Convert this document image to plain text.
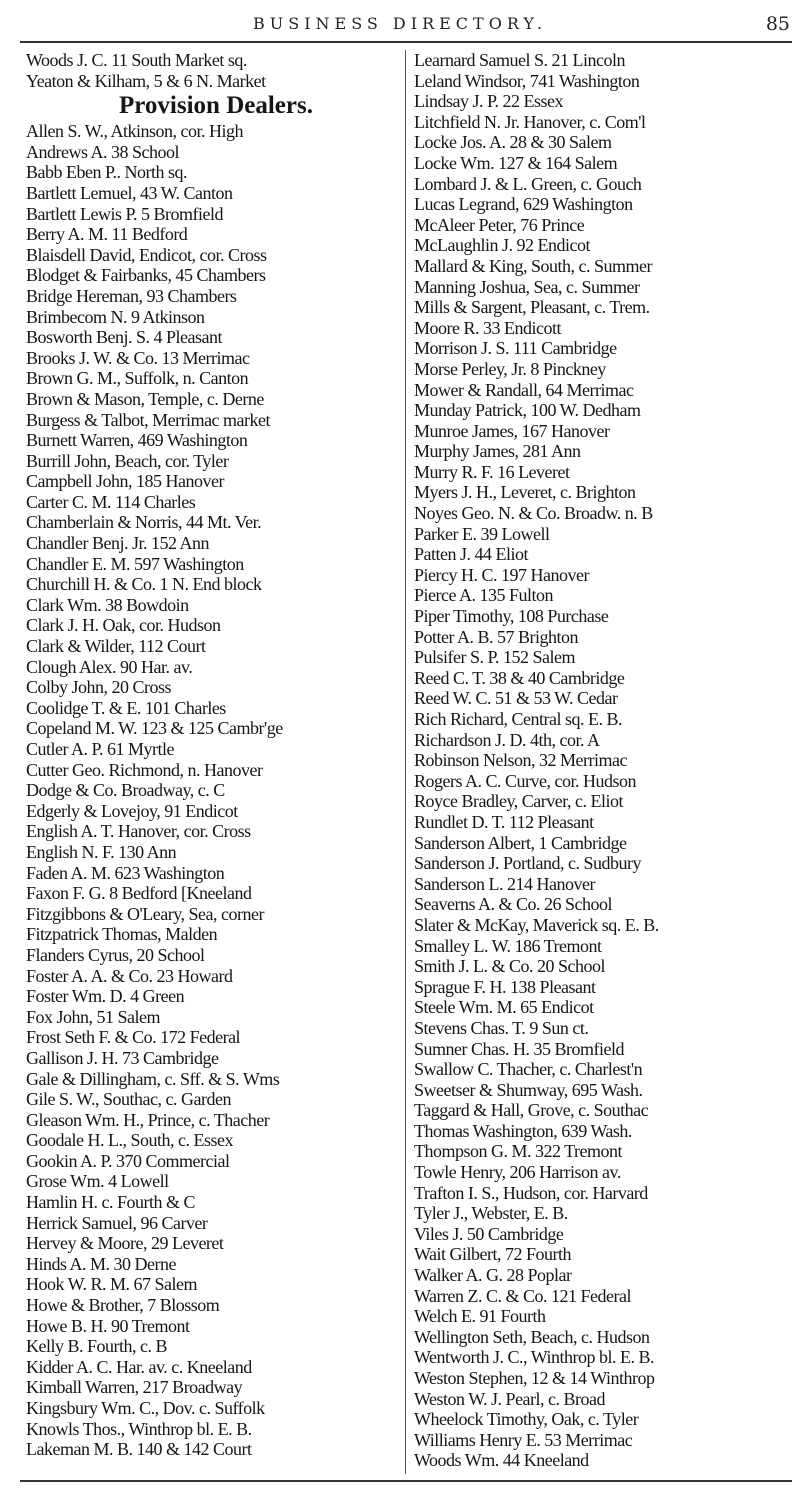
BUSINESS DIRECTORY.	85
Woods J. C. 11 South Market sq.
Yeaton & Kilham, 5 & 6 N. Market
Provision Dealers.
Allen S. W., Atkinson, cor. High
Andrews A. 38 School
Babb Eben P.. North sq.
Bartlett Lemuel, 43 W. Canton
Bartlett Lewis P. 5 Bromfield
Berry A. M. 11 Bedford
Blaisdell David, Endicot, cor. Cross
Blodget & Fairbanks, 45 Chambers
Bridge Hereman, 93 Chambers
Brimbecom N. 9 Atkinson
Bosworth Benj. S. 4 Pleasant
Brooks J. W. & Co. 13 Merrimac
Brown G. M., Suffolk, n. Canton
Brown & Mason, Temple, c. Derne
Burgess & Talbot, Merrimac market
Burnett Warren, 469 Washington
Burrill John, Beach, cor. Tyler
Campbell John, 185 Hanover
Carter C. M. 114 Charles
Chamberlain & Norris, 44 Mt. Ver.
Chandler Benj. Jr. 152 Ann
Chandler E. M. 597 Washington
Churchill H. & Co. 1 N. End block
Clark Wm. 38 Bowdoin
Clark J. H. Oak, cor. Hudson
Clark & Wilder, 112 Court
Clough Alex. 90 Har. av.
Colby John, 20 Cross
Coolidge T. & E. 101 Charles
Copeland M. W. 123 & 125 Cambr'ge
Cutler A. P. 61 Myrtle
Cutter Geo. Richmond, n. Hanover
Dodge & Co. Broadway, c. C
Edgerly & Lovejoy, 91 Endicot
English A. T. Hanover, cor. Cross
English N. F. 130 Ann
Faden A. M. 623 Washington
Faxon F. G. 8 Bedford [Kneeland
Fitzgibbons & O'Leary, Sea, corner
Fitzpatrick Thomas, Malden
Flanders Cyrus, 20 School
Foster A. A. & Co. 23 Howard
Foster Wm. D. 4 Green
Fox John, 51 Salem
Frost Seth F. & Co. 172 Federal
Gallison J. H. 73 Cambridge
Gale & Dillingham, c. Sff. & S. Wms
Gile S. W., Southac, c. Garden
Gleason Wm. H., Prince, c. Thacher
Goodale H. L., South, c. Essex
Gookin A. P. 370 Commercial
Grose Wm. 4 Lowell
Hamlin H. c. Fourth & C
Herrick Samuel, 96 Carver
Hervey & Moore, 29 Leveret
Hinds A. M. 30 Derne
Hook W. R. M. 67 Salem
Howe & Brother, 7 Blossom
Howe B. H. 90 Tremont
Kelly B. Fourth, c. B
Kidder A. C. Har. av. c. Kneeland
Kimball Warren, 217 Broadway
Kingsbury Wm. C., Dov. c. Suffolk
Knowls Thos., Winthrop bl. E. B.
Lakeman M. B. 140 & 142 Court
Learnard Samuel S. 21 Lincoln
Leland Windsor, 741 Washington
Lindsay J. P. 22 Essex
Litchfield N. Jr. Hanover, c. Com'l
Locke Jos. A. 28 & 30 Salem
Locke Wm. 127 & 164 Salem
Lombard J. & L. Green, c. Gouch
Lucas Legrand, 629 Washington
McAleer Peter, 76 Prince
McLaughlin J. 92 Endicot
Mallard & King, South, c. Summer
Manning Joshua, Sea, c. Summer
Mills & Sargent, Pleasant, c. Trem.
Moore R. 33 Endicott
Morrison J. S. 111 Cambridge
Morse Perley, Jr. 8 Pinckney
Mower & Randall, 64 Merrimac
Munday Patrick, 100 W. Dedham
Munroe James, 167 Hanover
Murphy James, 281 Ann
Murry R. F. 16 Leveret
Myers J. H., Leveret, c. Brighton
Noyes Geo. N. & Co. Broadw. n. B
Parker E. 39 Lowell
Patten J. 44 Eliot
Piercy H. C. 197 Hanover
Pierce A. 135 Fulton
Piper Timothy, 108 Purchase
Potter A. B. 57 Brighton
Pulsifer S. P. 152 Salem
Reed C. T. 38 & 40 Cambridge
Reed W. C. 51 & 53 W. Cedar
Rich Richard, Central sq. E. B.
Richardson J. D. 4th, cor. A
Robinson Nelson, 32 Merrimac
Rogers A. C. Curve, cor. Hudson
Royce Bradley, Carver, c. Eliot
Rundlet D. T. 112 Pleasant
Sanderson Albert, 1 Cambridge
Sanderson J. Portland, c. Sudbury
Sanderson L. 214 Hanover
Seaverns A. & Co. 26 School
Slater & McKay, Maverick sq. E. B.
Smalley L. W. 186 Tremont
Smith J. L. & Co. 20 School
Sprague F. H. 138 Pleasant
Steele Wm. M. 65 Endicot
Stevens Chas. T. 9 Sun ct.
Sumner Chas. H. 35 Bromfield
Swallow C. Thacher, c. Charlest'n
Sweetser & Shumway, 695 Wash.
Taggard & Hall, Grove, c. Southac
Thomas Washington, 639 Wash.
Thompson G. M. 322 Tremont
Towle Henry, 206 Harrison av.
Trafton I. S., Hudson, cor. Harvard
Tyler J., Webster, E. B.
Viles J. 50 Cambridge
Wait Gilbert, 72 Fourth
Walker A. G. 28 Poplar
Warren Z. C. & Co. 121 Federal
Welch E. 91 Fourth
Wellington Seth, Beach, c. Hudson
Wentworth J. C., Winthrop bl. E. B.
Weston Stephen, 12 & 14 Winthrop
Weston W. J. Pearl, c. Broad
Wheelock Timothy, Oak, c. Tyler
Williams Henry E. 53 Merrimac
Woods Wm. 44 Kneeland
